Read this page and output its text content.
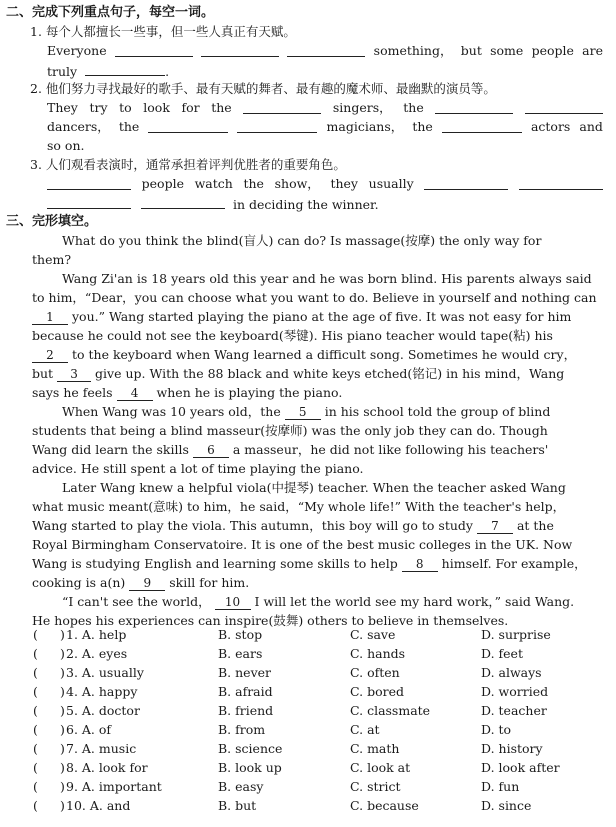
二、完成下列重点句子，每空一词。
1. 每个人都擅长一些事，但一些人真正有天赋。
Everyone	something， but some people are
truly	.
2. 他们努力寻找最好的歌手、最有天赋的舞者、最有趣的魔术师、最幽默的演员等。
They try to look for the	singers， the
dancers， the	magicians， the	actors and
so on.
3. 人们观看表演时，通常承担着评判优胜者的重要角色。
people watch the show， they usually
in deciding the winner.
三、完形填空。
What do you think the blind(盲人) can do? Is massage(按摩) the only way for
them?
Wang Zi'an is 18 years old this year and he was born blind. His parents always said
to him，“Dear，you can choose what you want to do. Believe in yourself and nothing can
1 you.” Wang started playing the piano at the age of five. It was not easy for him
because he could not see the keyboard(琴键). His piano teacher would tape(粘) his
2 to the keyboard when Wang learned a difficult song. Sometimes he would cry，
but 3 give up. With the 88 black and white keys etched(铭记) in his mind，Wang
says he feels 4 when he is playing the piano.
When Wang was 10 years old，the 5 in his school told the group of blind
students that being a blind masseur(按摩师) was the only job they can do. Though
Wang did learn the skills 6 a masseur，he did not like following his teachers'
advice. He still spent a lot of time playing the piano.
Later Wang knew a helpful viola(中提琴) teacher. When the teacher asked Wang
what music meant(意味) to him，he said，“My whole life!” With the teacher's help，
Wang started to play the viola. This autumn，this boy will go to study 7 at the
Royal Birmingham Conservatoire. It is one of the best music colleges in the UK. Now
Wang is studying English and learning some skills to help 8 himself. For example，
cooking is a(n) 9 skill for him.
“I can't see the world， 10 I will let the world see my hard work，” said Wang.
He hopes his experiences can inspire(鼓舞) others to believe in themselves.
( ) 1. A. help	B. stop	C. save	D. surprise
( ) 2. A. eyes	B. ears	C. hands	D. feet
( ) 3. A. usually	B. never	C. often	D. always
( ) 4. A. happy	B. afraid	C. bored	D. worried
( ) 5. A. doctor	B. friend	C. classmate	D. teacher
( ) 6. A. of	B. from	C. at	D. to
( ) 7. A. music	B. science	C. math	D. history
( ) 8. A. look for	B. look up	C. look at	D. look after
( ) 9. A. important	B. easy	C. strict	D. fun
( ) 10. A. and	B. but	C. because	D. since
